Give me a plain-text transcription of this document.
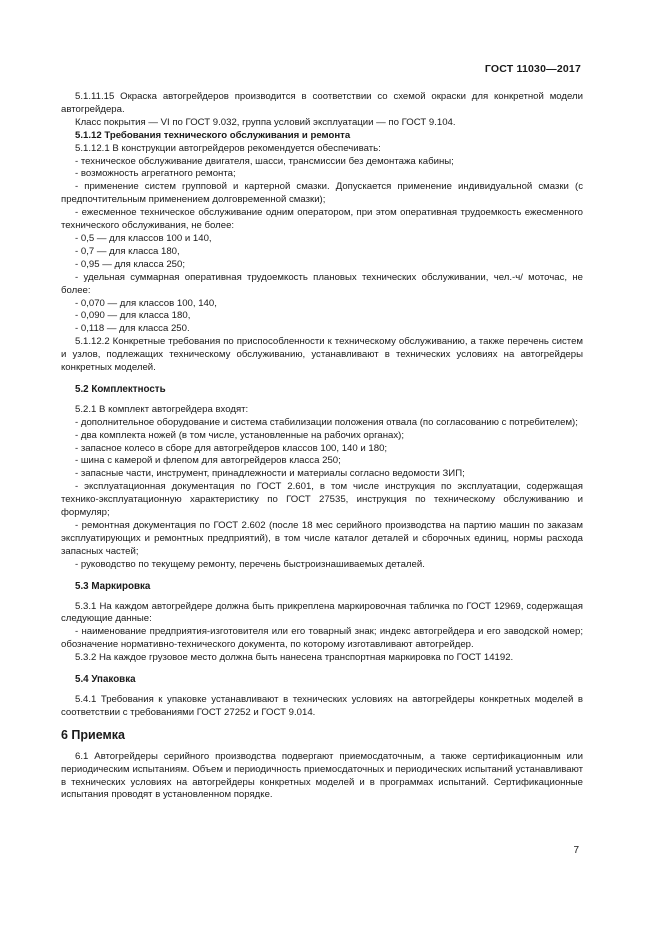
ГОСТ 11030—2017

5.1.11.15 Окраска автогрейдеров производится в соответствии со схемой окраски для конкретной модели автогрейдера.

Класс покрытия — VI по ГОСТ 9.032, группа условий эксплуатации — по ГОСТ 9.104.

5.1.12 Требования технического обслуживания и ремонта

5.1.12.1 В конструкции автогрейдеров рекомендуется обеспечивать:

- техническое обслуживание двигателя, шасси, трансмиссии без демонтажа кабины;

- возможность агрегатного ремонта;

- применение систем групповой и картерной смазки. Допускается применение индивидуальной смазки (с предпочтительным применением долговременной смазки);

- ежесменное техническое обслуживание одним оператором, при этом оперативная трудоемкость ежесменного технического обслуживания, не более:

- 0,5 — для классов 100 и 140,

- 0,7 — для класса 180,

- 0,95 — для класса 250;

- удельная суммарная оперативная трудоемкость плановых технических обслуживании, чел.-ч/ моточас, не более:

- 0,070 — для классов 100, 140,

- 0,090 — для класса 180,

- 0,118 — для класса 250.

5.1.12.2 Конкретные требования по приспособленности к техническому обслуживанию, а также перечень систем и узлов, подлежащих техническому обслуживанию, устанавливают в технических условиях на автогрейдеры конкретных моделей.

5.2 Комплектность

5.2.1 В комплект автогрейдера входят:

- дополнительное оборудование и система стабилизации положения отвала (по согласованию с потребителем);

- два комплекта ножей (в том числе, установленные на рабочих органах);

- запасное колесо в сборе для автогрейдеров классов 100, 140 и 180;

- шина с камерой и флепом для автогрейдеров класса 250;

- запасные части, инструмент, принадлежности и материалы согласно ведомости ЗИП;

- эксплуатационная документация по ГОСТ 2.601, в том числе инструкция по эксплуатации, содержащая технико-эксплуатационную характеристику по ГОСТ 27535, инструкция по техническому обслуживанию и формуляр;

- ремонтная документация по ГОСТ 2.602 (после 18 мес серийного производства на партию машин по заказам эксплуатирующих и ремонтных предприятий), в том числе каталог деталей и сборочных единиц, нормы расхода запасных частей;

- руководство по текущему ремонту, перечень быстроизнашиваемых деталей.

5.3 Маркировка

5.3.1 На каждом автогрейдере должна быть прикреплена маркировочная табличка по ГОСТ 12969, содержащая следующие данные:

- наименование предприятия-изготовителя или его товарный знак; индекс автогрейдера и его заводской номер; обозначение нормативно-технического документа, по которому изготавливают автогрейдер.

5.3.2 На каждое грузовое место должна быть нанесена транспортная маркировка по ГОСТ 14192.

5.4 Упаковка

5.4.1 Требования к упаковке устанавливают в технических условиях на автогрейдеры конкретных моделей в соответствии с требованиями ГОСТ 27252 и ГОСТ 9.014.

6 Приемка

6.1 Автогрейдеры серийного производства подвергают приемосдаточным, а также сертификационным или периодическим испытаниям. Объем и периодичность приемосдаточных и периодических испытаний устанавливают в технических условиях на автогрейдеры конкретных моделей и в программах испытаний. Сертификационные испытания проводят в установленном порядке.

7
